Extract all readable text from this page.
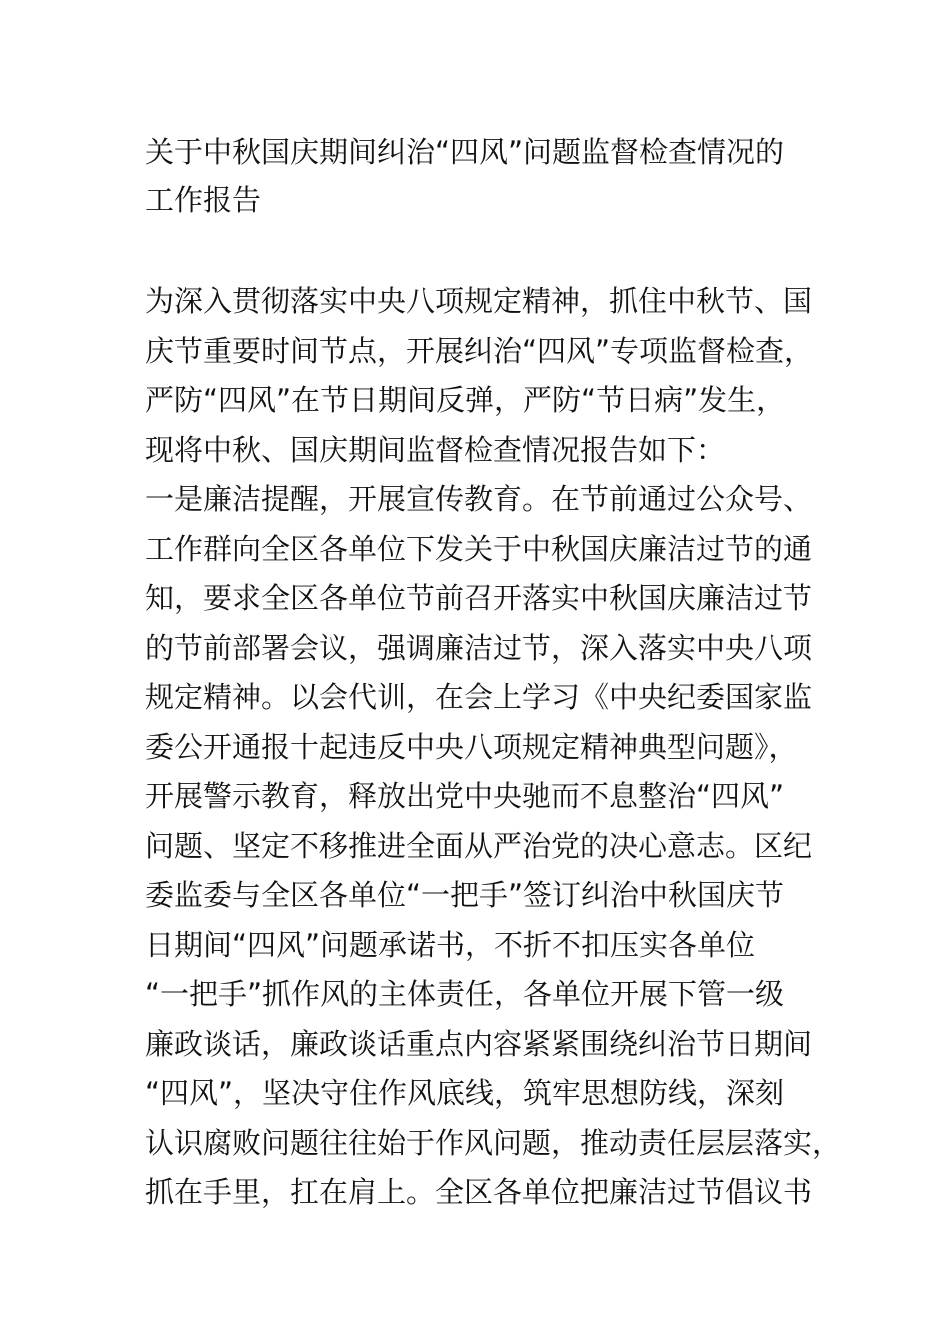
关于中秋国庆期间纠治“四风”问题监督检查情况的
工作报告
为深入贯彻落实中央八项规定精神，抓住中秋节、国
庆节重要时间节点，开展纠治“四风”专项监督检查，
严防“四风”在节日期间反弹，严防“节日病”发生，
现将中秋、国庆期间监督检查情况报告如下：
一是廉洁提醒，开展宣传教育。在节前通过公众号、
工作群向全区各单位下发关于中秋国庆廉洁过节的通
知，要求全区各单位节前召开落实中秋国庆廉洁过节
的节前部署会议，强调廉洁过节，深入落实中央八项
规定精神。以会代训，在会上学习《中央纪委国家监
委公开通报十起违反中央八项规定精神典型问题》，
开展警示教育，释放出党中央驰而不息整治“四风”
问题、坚定不移推进全面从严治党的决心意志。区纪
委监委与全区各单位“一把手”签订纠治中秋国庆节
日期间“四风”问题承诺书，不折不扣压实各单位
“一把手”抓作风的主体责任，各单位开展下管一级
廉政谈话，廉政谈话重点内容紧紧围绕纠治节日期间
“四风”，坚决守住作风底线，筑牢思想防线，深刻
认识腐败问题往往始于作风问题，推动责任层层落实，
抓在手里，扛在肩上。全区各单位把廉洁过节倡议书
